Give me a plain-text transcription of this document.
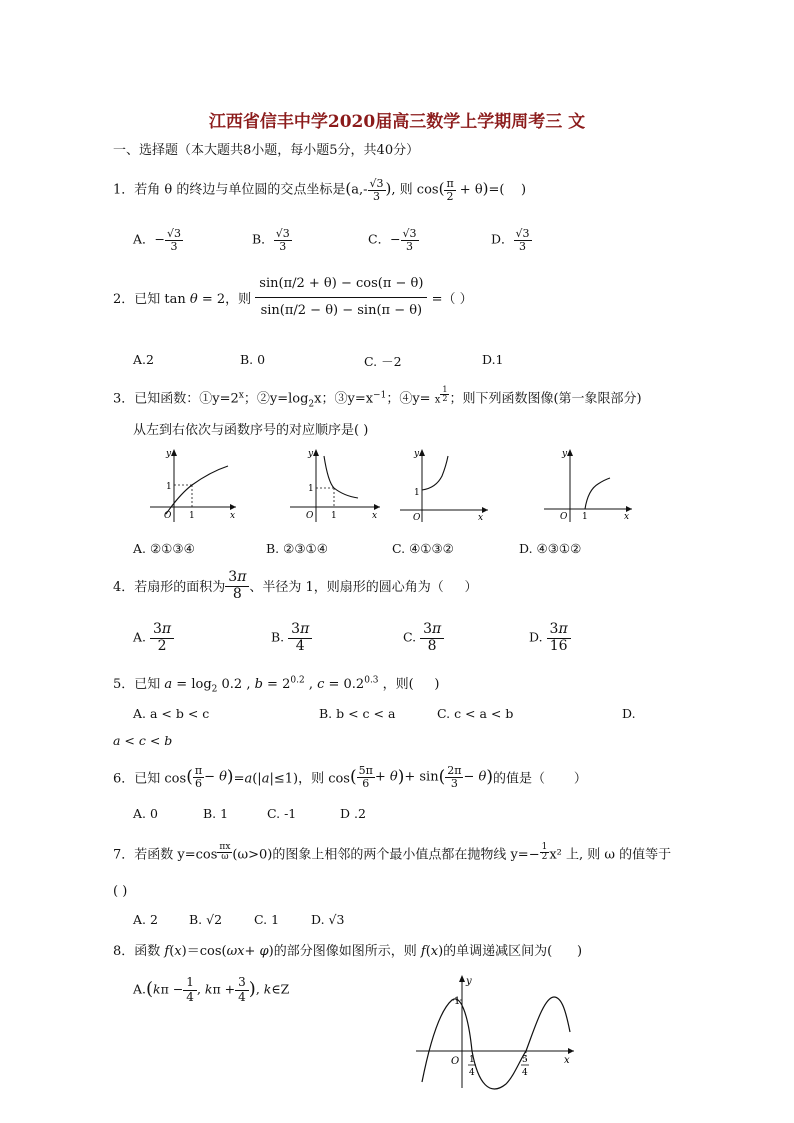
江西省信丰中学2020届高三数学上学期周考三 文
一、选择题（本大题共8小题，每小题5分，共40分）
1．若角 θ 的终边与单位圆的交点坐标是($a,- \frac{√3}{3}$ ), 则 $\cos( \frac{\pi}{2} + \theta)=$(    )
A．− $\frac{√3}{3}$	B． $\frac{√3}{3}$	C．− $\frac{√3}{3}$	D． $\frac{√3}{3}$
2．已知 tan θ = 2，则 $\frac{\sin(\pi/2 + \theta) - \cos(\pi - \theta)}{\sin(\pi/2 - \theta) - \sin(\pi - \theta)}$ =（ ）
A.2	B. 0	C. －2	D.1
3．已知函数：$①y=2^x$；$②y=\log_2x$；$③y=x^{-1}$；④y= x $^{\frac{1}{2}}$ ；则下列函数图像(第一象限部分)
从左到右依次与函数序号的对应顺序是( )
y
1
O 1	x
y
1
O 1	x
y
1
O	x
y
O 1	x
A. ②①③④	B. ②③①④	C. ④①③②	D. ④③①②
4．若扇形的面积为 $\frac{3\pi}{8}$ 、半径为 1，则扇形的圆心角为（     ）
A. $\frac{3\pi}{2}$	B. $\frac{3\pi}{4}$	C. $\frac{3\pi}{8}$	D. $\frac{3\pi}{16}$
5．已知 $a = \log_2 0.2$ , $b = 2^{0.2}$ , $c = 0.2^{0.3}$ ，则(     )
A. a < b < c	B. b < c < a	C. c < a < b	D.
a < c < b
6．已知 $\cos( \frac{\pi}{6} - \theta)=a(|a|\le 1)$，则 $\cos( \frac{5\pi}{6} + \theta)+ \sin( \frac{2\pi}{3} - \theta)$的值是（       ）
A. 0	B. 1	C. -1	D .2
7．若函数 $y=\cos \frac{\pi x}{\omega} (\omega>0)$的图象上相邻的两个最小值点都在抛物线 $y=- \frac{1}{2} x^2$ 上, 则 ω 的值等于
( )
A. 2 B. √2	C. 1	D. √3
8．函数 f(x)＝cos(ωx+ φ)的部分图像如图所示，则 f(x)的单调递减区间为(      )
$A.(k\pi - \frac{1}{4}$ , $k\pi + \frac{3}{4}$ ), k∈Z
y
1
O 1
4
5
4
x
